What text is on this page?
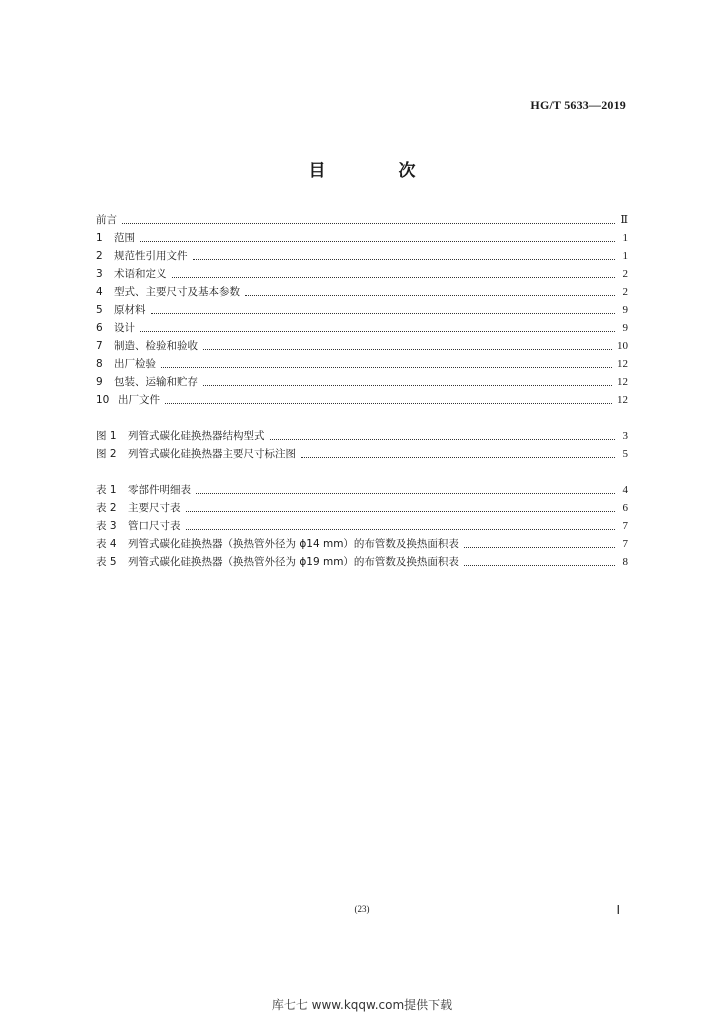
HG/T 5633—2019
目　次
前言	Ⅱ
1	范围	1
2	规范性引用文件	1
3	术语和定义	2
4	型式、主要尺寸及基本参数	2
5	原材料	9
6	设计	9
7	制造、检验和验收	10
8	出厂检验	12
9	包装、运输和贮存	12
10 出厂文件	12
图 1	列管式碳化硅换热器结构型式	3
图 2	列管式碳化硅换热器主要尺寸标注图	5
表 1	零部件明细表	4
表 2	主要尺寸表	6
表 3	管口尺寸表	7
表 4	列管式碳化硅换热器（换热管外径为 ϕ14 mm）的布管数及换热面积表	7
表 5	列管式碳化硅换热器（换热管外径为 ϕ19 mm）的布管数及换热面积表	8
(23)	Ⅰ
库七七 www.kqqw.com提供下载
